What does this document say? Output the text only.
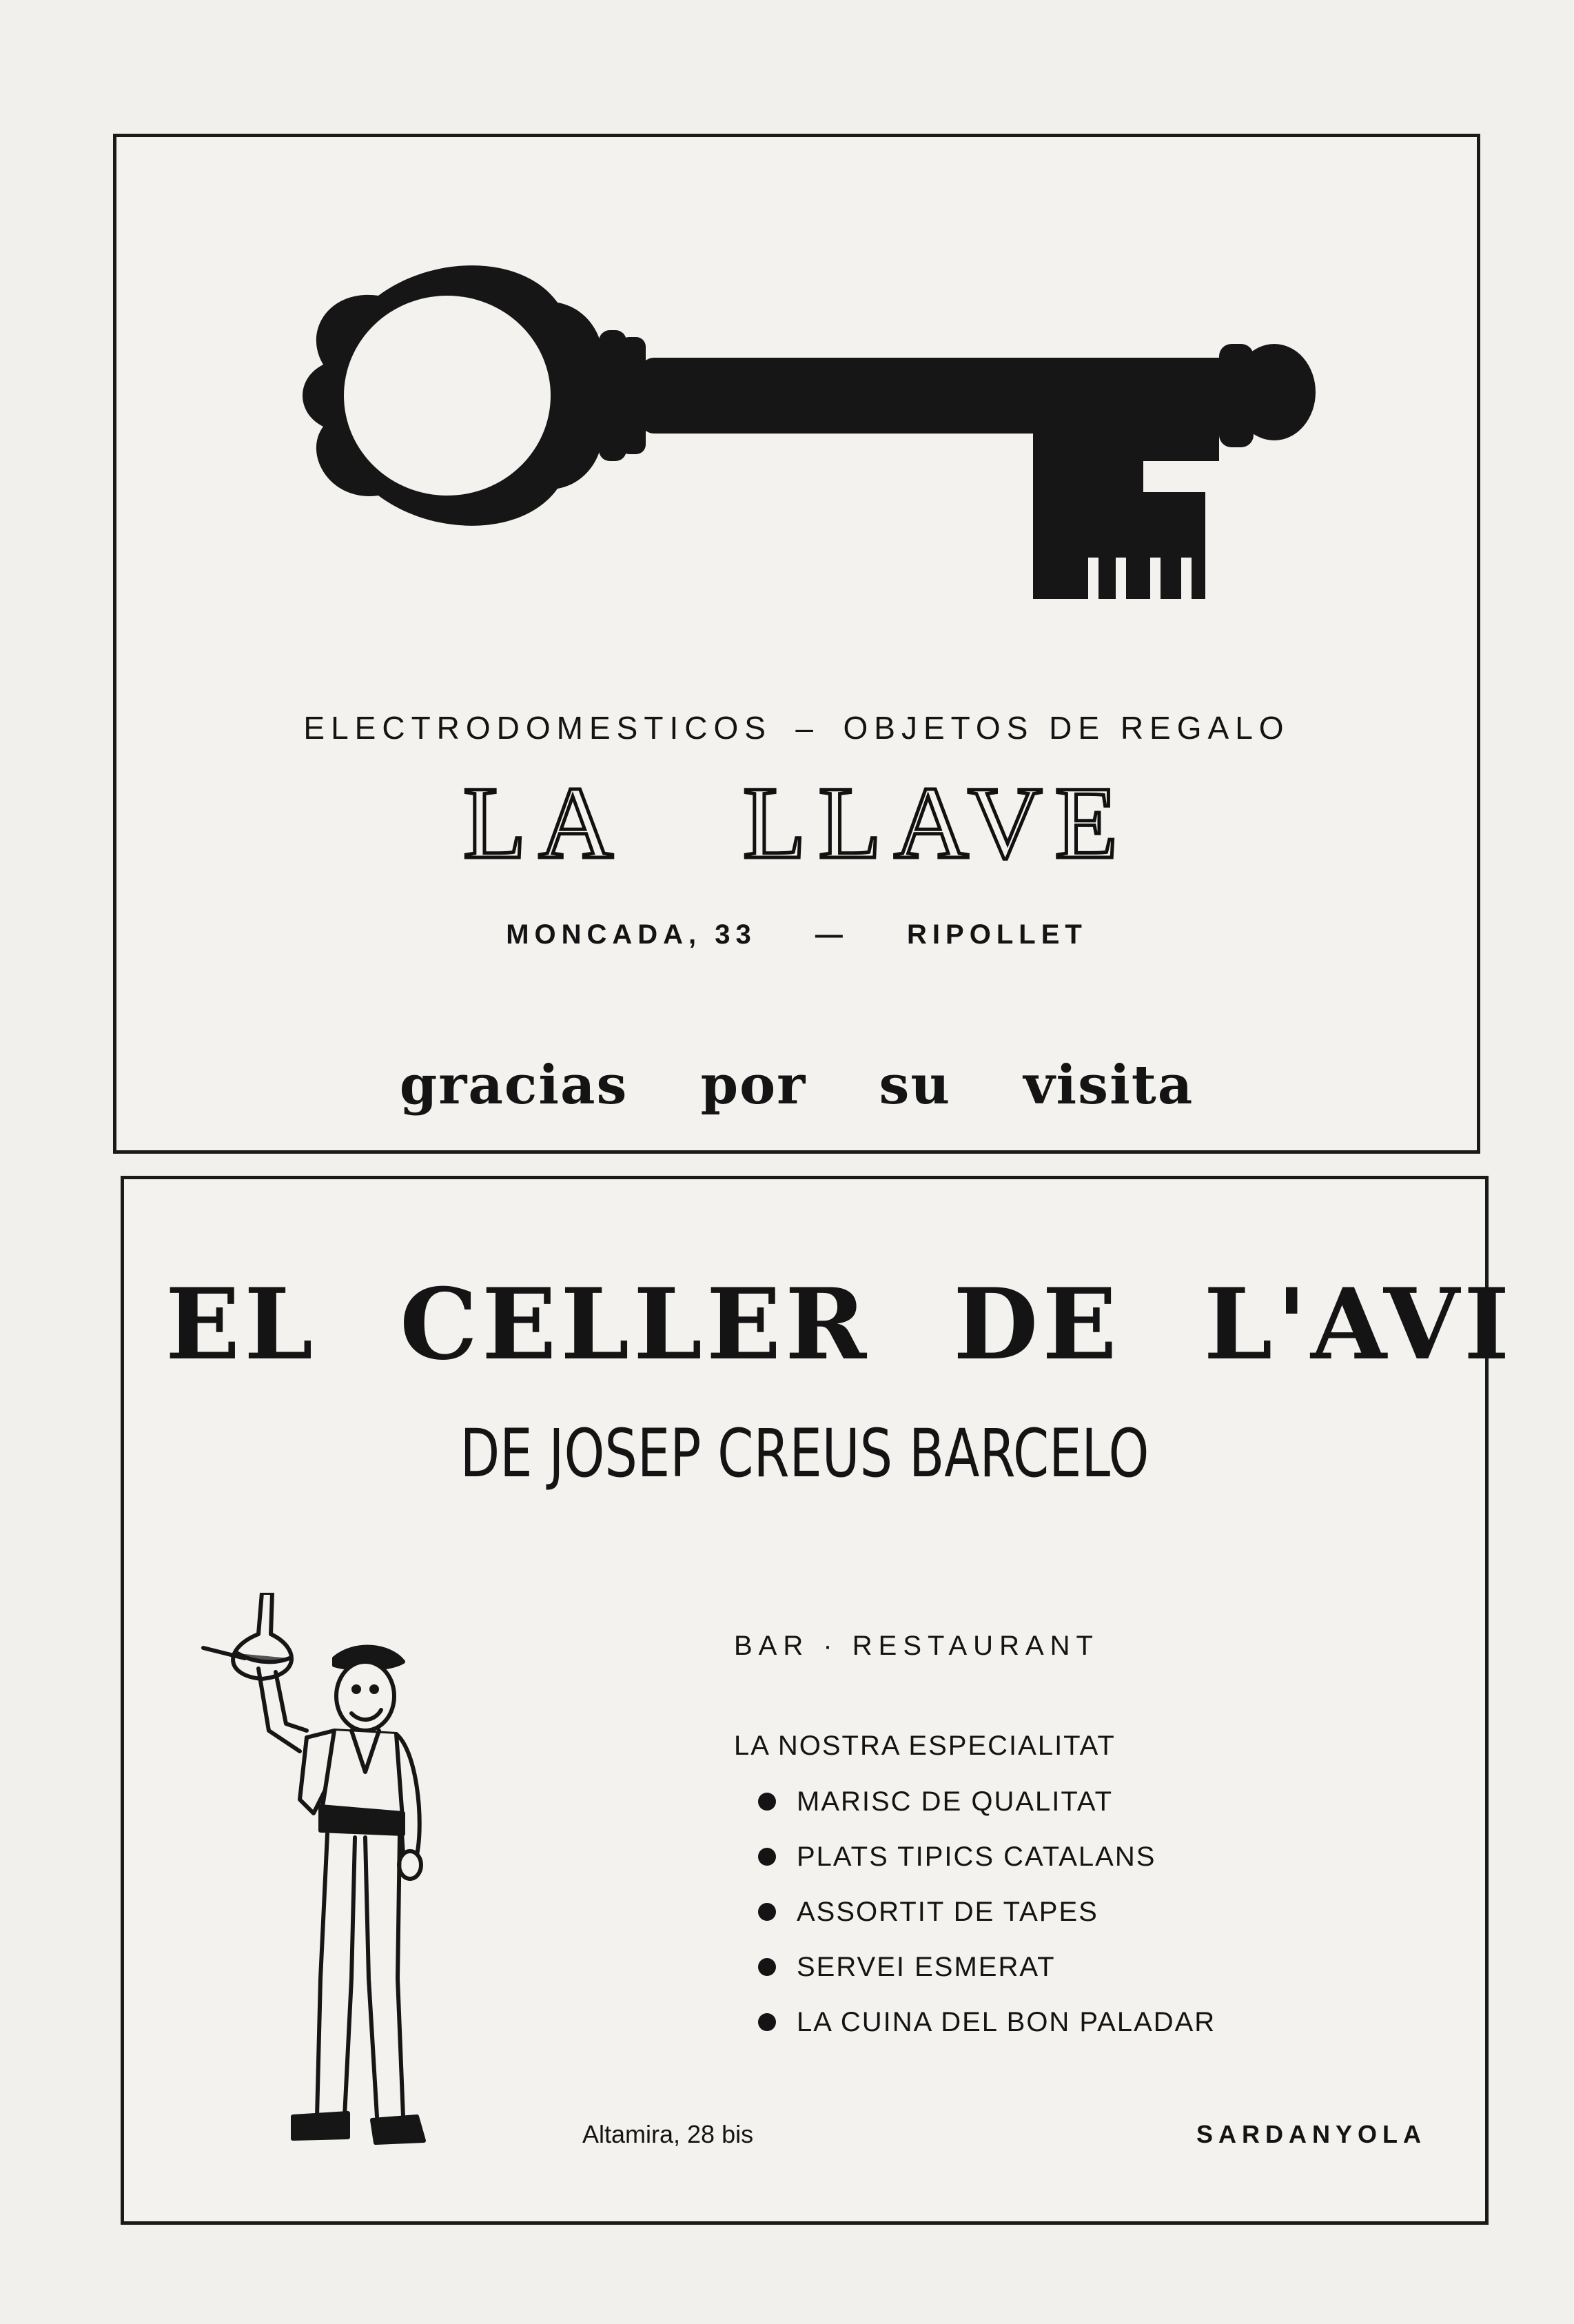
ELECTRODOMESTICOS – OBJETOS DE REGALO
LA LLAVE
MONCADA, 33 — RIPOLLET
gracias por su visita
EL CELLER DE L'AVI
DE JOSEP CREUS BARCELO
BAR · RESTAURANT
LA NOSTRA ESPECIALITAT
MARISC DE QUALITAT
PLATS TIPICS CATALANS
ASSORTIT DE TAPES
SERVEI ESMERAT
LA CUINA DEL BON PALADAR
Altamira, 28 bis	SARDANYOLA
